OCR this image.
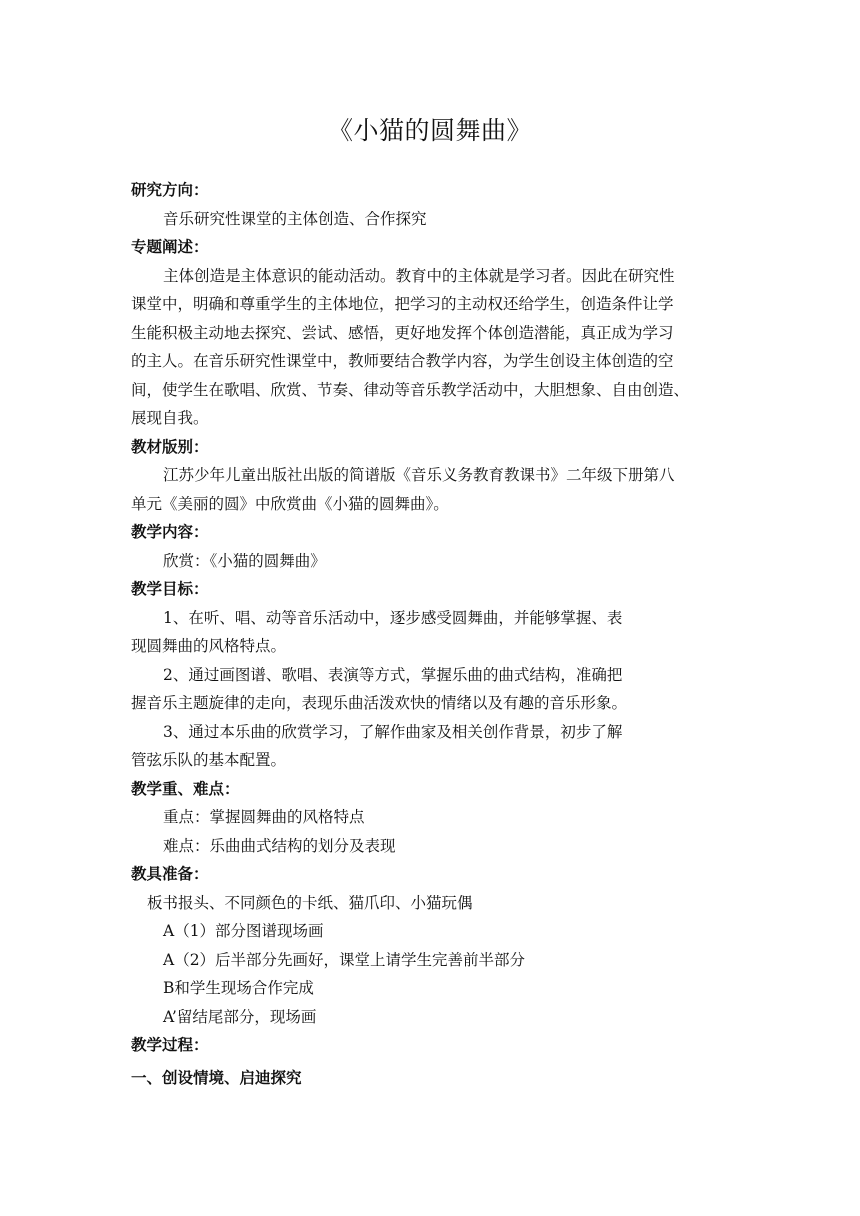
《小猫的圆舞曲》
研究方向：
音乐研究性课堂的主体创造、合作探究
专题阐述：
主体创造是主体意识的能动活动。教育中的主体就是学习者。因此在研究性
课堂中，明确和尊重学生的主体地位，把学习的主动权还给学生，创造条件让学
生能积极主动地去探究、尝试、感悟，更好地发挥个体创造潜能，真正成为学习
的主人。在音乐研究性课堂中，教师要结合教学内容，为学生创设主体创造的空
间，使学生在歌唱、欣赏、节奏、律动等音乐教学活动中，大胆想象、自由创造、
展现自我。
教材版别：
江苏少年儿童出版社出版的简谱版《音乐义务教育教课书》二年级下册第八
单元《美丽的圆》中欣赏曲《小猫的圆舞曲》。
教学内容：
欣赏：《小猫的圆舞曲》
教学目标：
1、在听、唱、动等音乐活动中，逐步感受圆舞曲，并能够掌握、表
现圆舞曲的风格特点。
2、通过画图谱、歌唱、表演等方式，掌握乐曲的曲式结构，准确把
握音乐主题旋律的走向，表现乐曲活泼欢快的情绪以及有趣的音乐形象。
3、通过本乐曲的欣赏学习，了解作曲家及相关创作背景，初步了解
管弦乐队的基本配置。
教学重、难点：
重点：掌握圆舞曲的风格特点
难点：乐曲曲式结构的划分及表现
教具准备：
板书报头、不同颜色的卡纸、猫爪印、小猫玩偶
A（1）部分图谱现场画
A（2）后半部分先画好，课堂上请学生完善前半部分
B和学生现场合作完成
A’留结尾部分，现场画
教学过程：
一、创设情境、启迪探究
